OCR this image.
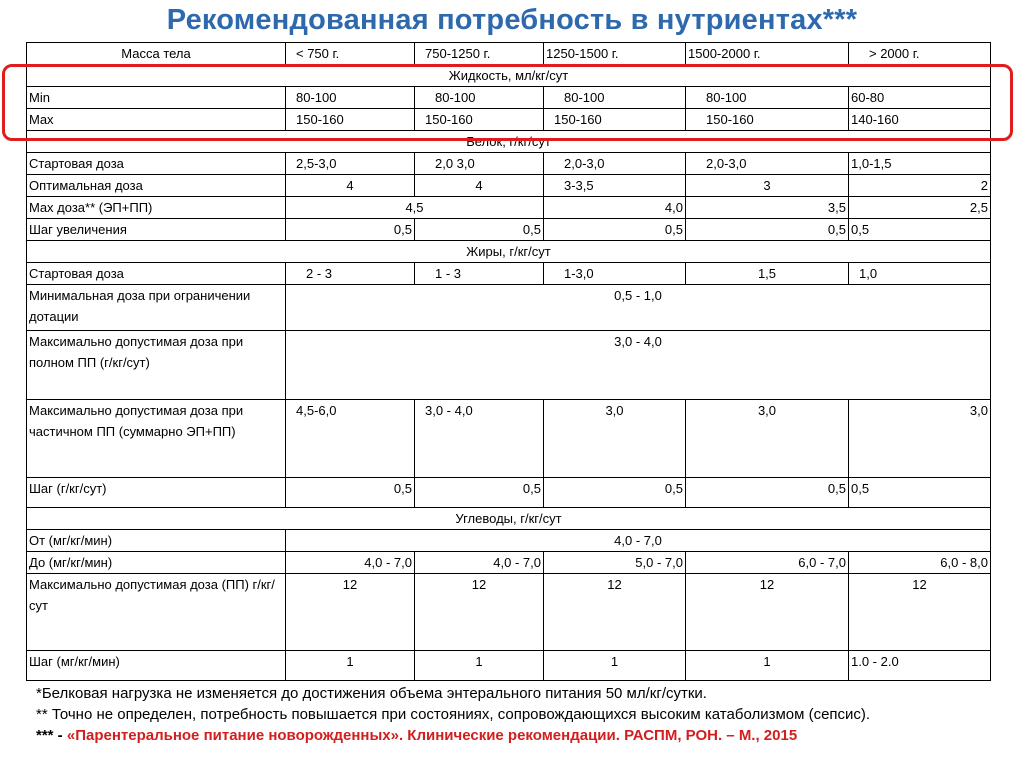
Рекомендованная потребность в нутриентах***
Масса тела	< 750 г.	750-1250 г.	1250-1500 г.	1500-2000 г.	> 2000 г.
Жидкость, мл/кг/сут					
Min	80-100	80-100	80-100	80-100	60-80
Max	150-160	150-160	150-160	150-160	140-160
Белок, г/кг/сут					
Стартовая доза	2,5-3,0	2,0 3,0	2,0-3,0	2,0-3,0	1,0-1,5
Оптимальная доза	4	4	3-3,5	3	2
Max доза** (ЭП+ПП)	4,5		4,0	3,5	2,5
Шаг увеличения	0,5	0,5	0,5	0,5	0,5
Жиры, г/кг/сут					
Стартовая доза	2 - 3	1 - 3	1-3,0	1,5	1,0
Минимальная доза при ограничении дотации	0,5 - 1,0				
Максимально допустимая доза при полном ПП (г/кг/сут)	3,0 - 4,0				
Максимально допустимая доза при частичном ПП (суммарно ЭП+ПП)	4,5-6,0	3,0 - 4,0	3,0	3,0	3,0
Шаг (г/кг/сут)	0,5	0,5	0,5	0,5	0,5
Углеводы, г/кг/сут					
От (мг/кг/мин)	4,0 - 7,0				
До (мг/кг/мин)	4,0 - 7,0	4,0 - 7,0	5,0 - 7,0	6,0 - 7,0	6,0 - 8,0
Максимально допустимая доза (ПП) г/кг/сут	12	12	12	12	12
Шаг (мг/кг/мин)	1	1	1	1	1.0 - 2.0
*Белковая нагрузка не изменяется до достижения объема энтерального питания 50 мл/кг/сутки.
** Точно не определен, потребность повышается при состояниях, сопровождающихся высоким катаболизмом (сепсис).
*** - «Парентеральное питание новорожденных». Клинические рекомендации. РАСПМ, РОН. – М., 2015
